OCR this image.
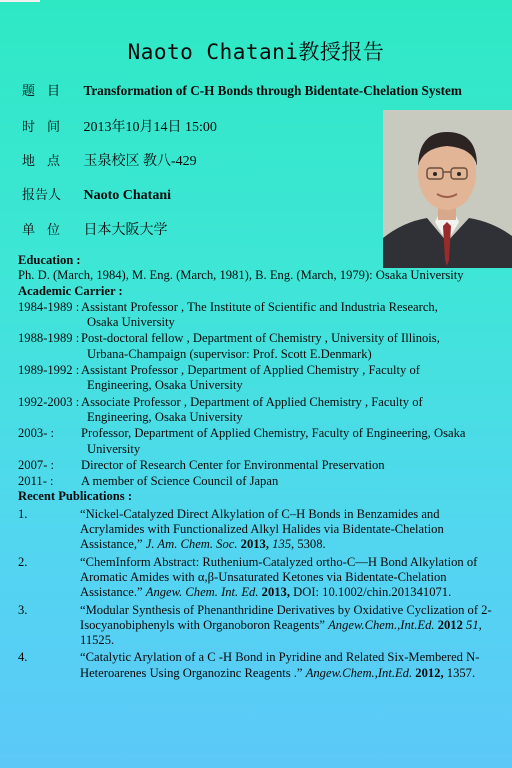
Naoto Chatani教授报告
题目 Transformation of C-H Bonds through Bidentate-Chelation System
时间 2013年10月14日 15:00
地点 玉泉校区 教八-429
报告人 Naoto Chatani
单位 日本大阪大学
Education :
Ph. D. (March, 1984), M. Eng. (March, 1981), B. Eng. (March, 1979): Osaka University
Academic Carrier :
1984-1989 : Assistant Professor , The Institute of Scientific and Industria Research,
Osaka University
1988-1989 : Post-doctoral fellow , Department of Chemistry , University of Illinois,
Urbana-Champaign (supervisor: Prof. Scott E.Denmark)
1989-1992 : Assistant Professor , Department of Applied Chemistry , Faculty of
Engineering, Osaka University
1992-2003 : Associate Professor , Department of Applied Chemistry , Faculty of
Engineering, Osaka University
2003- :	Professor, Department of Applied Chemistry, Faculty of Engineering, Osaka
University
2007- :	Director of Research Center for Environmental Preservation
2011- :	A member of Science Council of Japan
Recent Publications :
1.	“Nickel-Catalyzed Direct Alkylation of C–H Bonds in Benzamides and Acrylamides with Functionalized Alkyl Halides via Bidentate-Chelation Assistance,” J. Am. Chem. Soc. 2013, 135, 5308.
2.	“ChemInform Abstract: Ruthenium-Catalyzed ortho-C—H Bond Alkylation of Aromatic Amides with α,β-Unsaturated Ketones via Bidentate-Chelation Assistance.” Angew. Chem. Int. Ed. 2013, DOI: 10.1002/chin.201341071.
3.	“Modular Synthesis of Phenanthridine Derivatives by Oxidative Cyclization of 2-Isocyanobiphenyls with Organoboron Reagents” Angew.Chem.,Int.Ed. 2012 51, 11525.
4.	“Catalytic Arylation of a C -H Bond in Pyridine and Related Six-Membered N-Heteroarenes Using Organozinc Reagents .” Angew.Chem.,Int.Ed. 2012, 1357.
